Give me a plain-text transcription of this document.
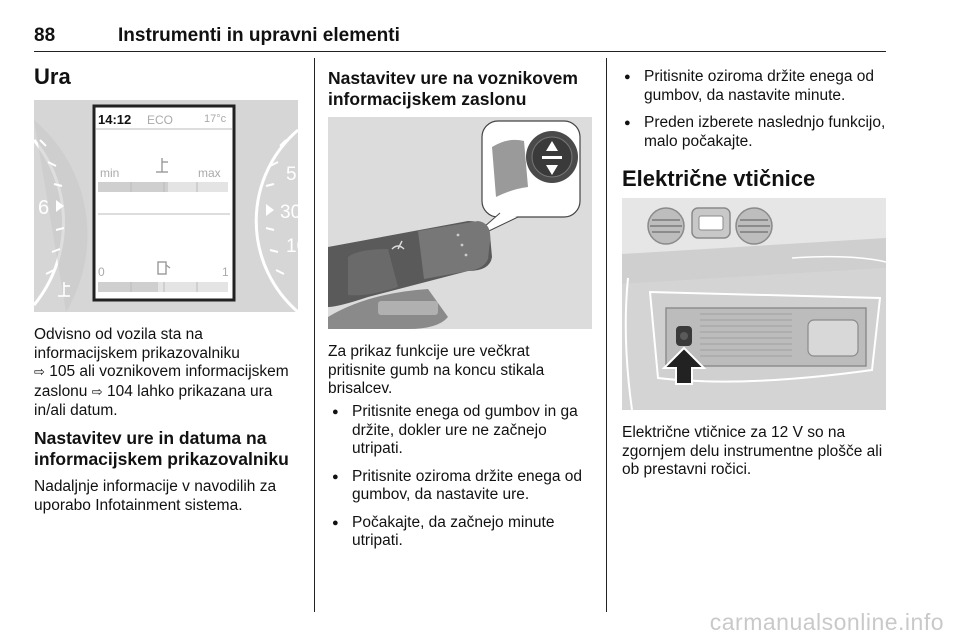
88	Instrumenti in upravni elementi
Ura
6
5
30
10
14:12 ECO	17°c
min	max
0	1
Odvisno od vozila sta na
informacijskem prikazovalniku
⇨ 105 ali voznikovem informacijskem
zaslonu ⇨ 104 lahko prikazana ura
in/ali datum.
Nastavitev ure in datuma na informacijskem prikazovalniku
Nadaljnje informacije v navodilih za uporabo Infotainment sistema.
Nastavitev ure na voznikovem informacijskem zaslonu
Za prikaz funkcije ure večkrat pritisnite gumb na koncu stikala brisalcev.
● Pritisnite enega od gumbov in ga držite, dokler ure ne začnejo utripati.
● Pritisnite oziroma držite enega od gumbov, da nastavite ure.
● Počakajte, da začnejo minute utripati.
● Pritisnite oziroma držite enega od gumbov, da nastavite minute.
● Preden izberete naslednjo funkcijo, malo počakajte.
Električne vtičnice
Električne vtičnice za 12 V so na zgornjem delu instrumentne plošče ali ob prestavni ročici.
carmanualsonline.info
